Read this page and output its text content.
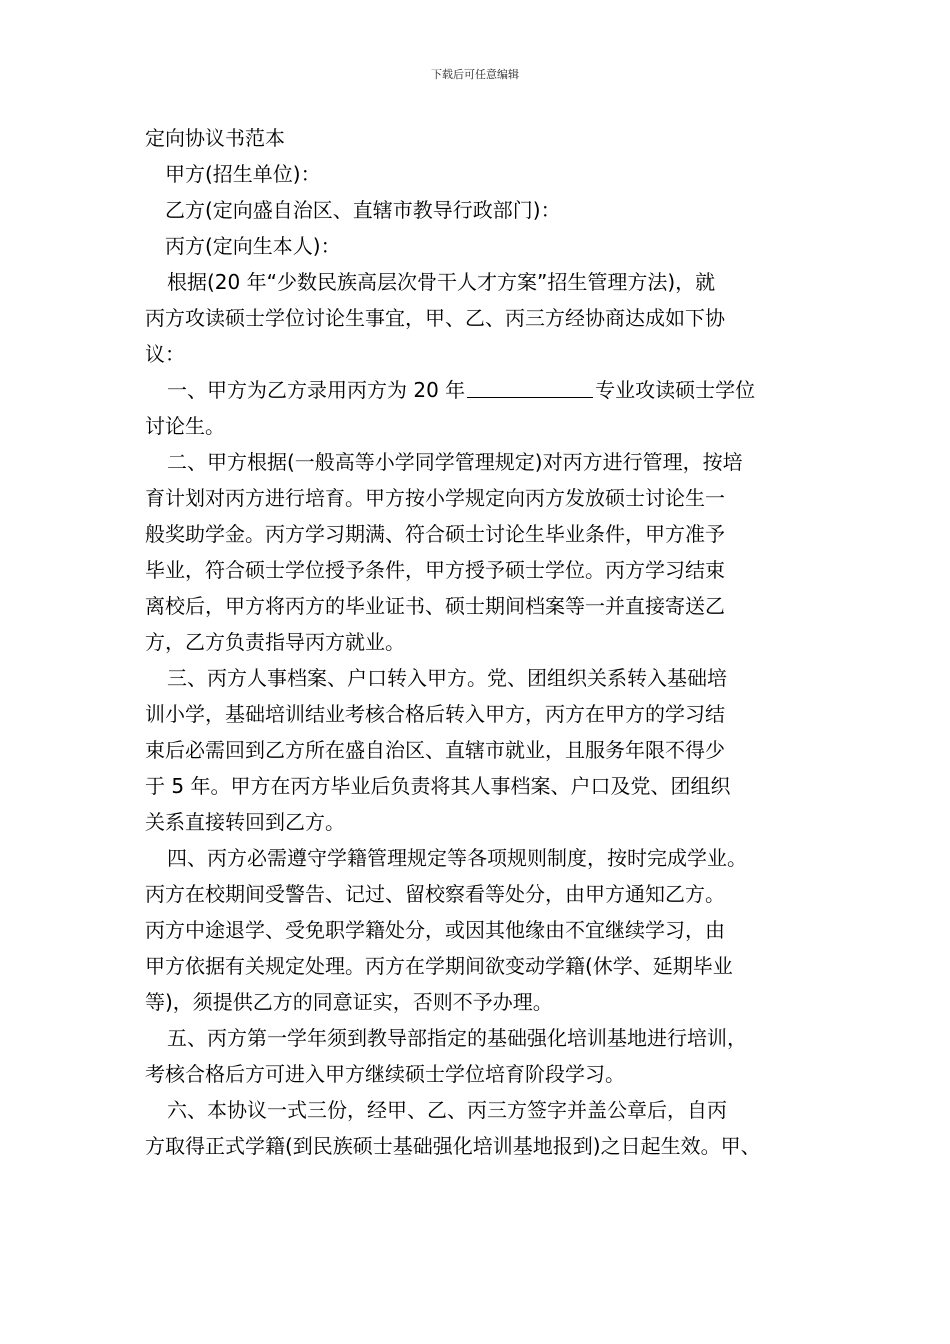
下载后可任意编辑
定向协议书范本
甲方(招生单位)：
乙方(定向盛自治区、直辖市教导行政部门)：
丙方(定向生本人)：

根据(20 年“少数民族高层次骨干人才方案”招生管理方法)，就
丙方攻读硕士学位讨论生事宜，甲、乙、丙三方经协商达成如下协
议：

一、甲方为乙方录用丙方为 20 年	专业攻读硕士学位
讨论生。

二、甲方根据(一般高等小学同学管理规定)对丙方进行管理，按培
育计划对丙方进行培育。甲方按小学规定向丙方发放硕士讨论生一
般奖助学金。丙方学习期满、符合硕士讨论生毕业条件，甲方准予
毕业，符合硕士学位授予条件，甲方授予硕士学位。丙方学习结束
离校后，甲方将丙方的毕业证书、硕士期间档案等一并直接寄送乙
方，乙方负责指导丙方就业。

三、丙方人事档案、户口转入甲方。党、团组织关系转入基础培
训小学，基础培训结业考核合格后转入甲方，丙方在甲方的学习结
束后必需回到乙方所在盛自治区、直辖市就业，且服务年限不得少
于 5 年。甲方在丙方毕业后负责将其人事档案、户口及党、团组织
关系直接转回到乙方。

四、丙方必需遵守学籍管理规定等各项规则制度，按时完成学业。
丙方在校期间受警告、记过、留校察看等处分，由甲方通知乙方。
丙方中途退学、受免职学籍处分，或因其他缘由不宜继续学习，由
甲方依据有关规定处理。丙方在学期间欲变动学籍(休学、延期毕业
等)，须提供乙方的同意证实，否则不予办理。

五、丙方第一学年须到教导部指定的基础强化培训基地进行培训，
考核合格后方可进入甲方继续硕士学位培育阶段学习。

六、本协议一式三份，经甲、乙、丙三方签字并盖公章后，自丙
方取得正式学籍(到民族硕士基础强化培训基地报到)之日起生效。甲、
